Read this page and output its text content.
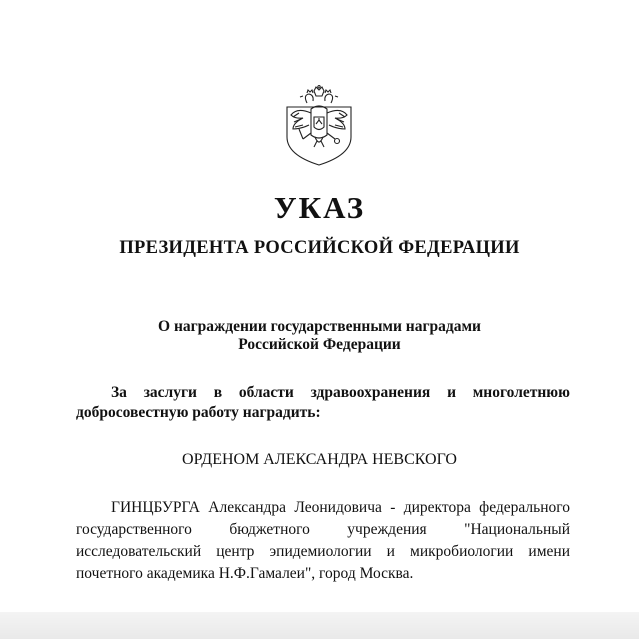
УКАЗ
ПРЕЗИДЕНТА РОССИЙСКОЙ ФЕДЕРАЦИИ
О награждении государственными наградами
Российской Федерации
За заслуги в области здравоохранения и многолетнюю добросовестную работу наградить:
ОРДЕНОМ АЛЕКСАНДРА НЕВСКОГО
ГИНЦБУРГА Александра Леонидовича - директора федерального государственного бюджетного учреждения "Национальный исследовательский центр эпидемиологии и микробиологии имени почетного академика Н.Ф.Гамалеи", город Москва.
